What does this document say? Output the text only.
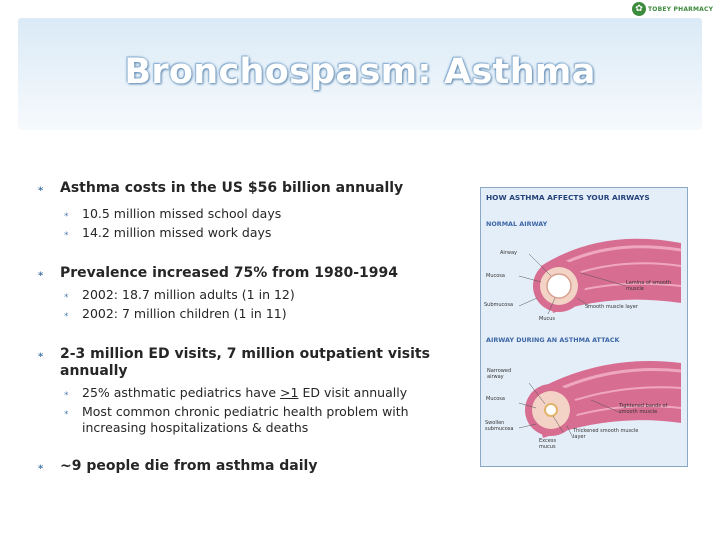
✿ TOBEY PHARMACY
Bronchospasm: Asthma
⁎ Asthma costs in the US $56 billion annually
⁎ 10.5 million missed school days
⁎ 14.2 million missed work days
⁎ Prevalence increased 75% from 1980-1994
⁎ 2002: 18.7 million adults (1 in 12)
⁎ 2002: 7 million children (1 in 11)
⁎ 2-3 million ED visits, 7 million outpatient visits annually
⁎ 25% asthmatic pediatrics have >1 ED visit annually
⁎ Most common chronic pediatric health problem with increasing hospitalizations & deaths
⁎ ~9 people die from asthma daily
HOW ASTHMA AFFECTS YOUR AIRWAYS
NORMAL AIRWAY
Airway
Mucosa
Submucosa
Mucus
Lamina of smooth muscle
Smooth muscle layer
AIRWAY DURING AN ASTHMA ATTACK
Narrowed airway
Mucosa
Swollen submucosa
Excess mucus
Tightened bands of smooth muscle
Thickened smooth muscle layer
